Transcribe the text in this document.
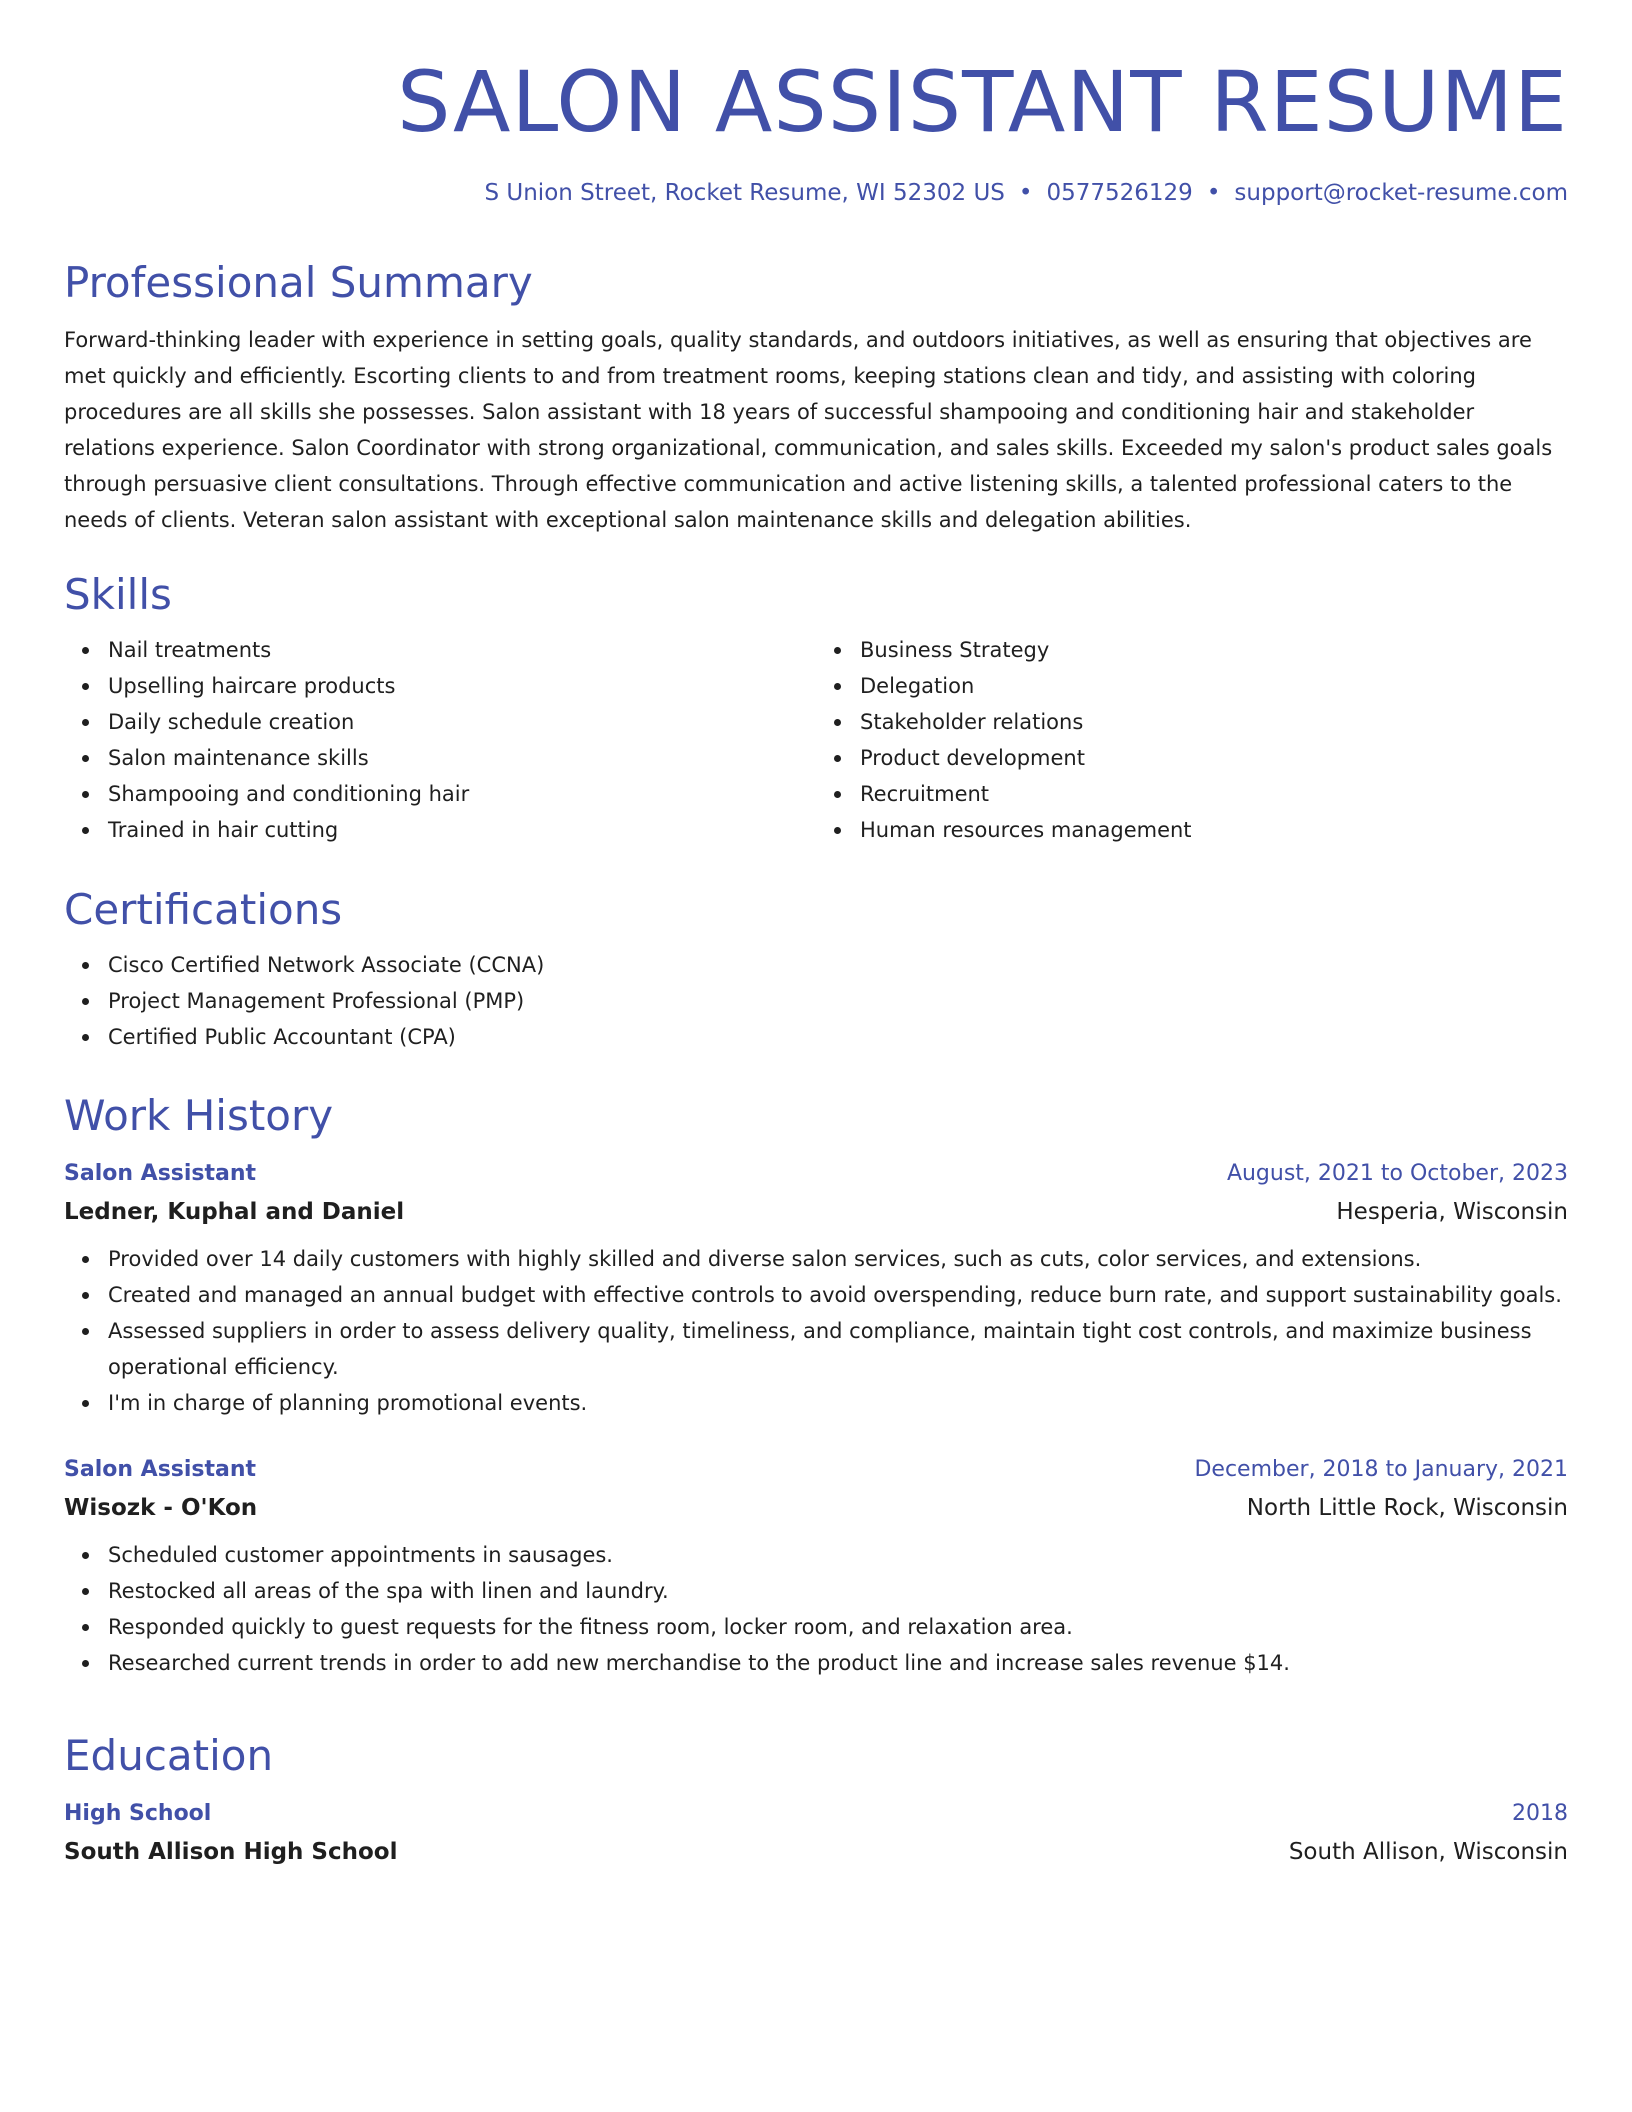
SALON ASSISTANT RESUME
S Union Street, Rocket Resume, WI 52302 US • 0577526129 • support@rocket-resume.com
Professional Summary
Forward-thinking leader with experience in setting goals, quality standards, and outdoors initiatives, as well as ensuring that objectives are met quickly and efficiently. Escorting clients to and from treatment rooms, keeping stations clean and tidy, and assisting with coloring procedures are all skills she possesses. Salon assistant with 18 years of successful shampooing and conditioning hair and stakeholder relations experience. Salon Coordinator with strong organizational, communication, and sales skills. Exceeded my salon's product sales goals through persuasive client consultations. Through effective communication and active listening skills, a talented professional caters to the needs of clients. Veteran salon assistant with exceptional salon maintenance skills and delegation abilities.
Skills
Nail treatments
Upselling haircare products
Daily schedule creation
Salon maintenance skills
Shampooing and conditioning hair
Trained in hair cutting
Business Strategy
Delegation
Stakeholder relations
Product development
Recruitment
Human resources management
Certifications
Cisco Certified Network Associate (CCNA)
Project Management Professional (PMP)
Certified Public Accountant (CPA)
Work History
Salon Assistant	August, 2021 to October, 2023
Ledner, Kuphal and Daniel	Hesperia, Wisconsin
Provided over 14 daily customers with highly skilled and diverse salon services, such as cuts, color services, and extensions.
Created and managed an annual budget with effective controls to avoid overspending, reduce burn rate, and support sustainability goals.
Assessed suppliers in order to assess delivery quality, timeliness, and compliance, maintain tight cost controls, and maximize business operational efficiency.
I'm in charge of planning promotional events.
Salon Assistant	December, 2018 to January, 2021
Wisozk - O'Kon	North Little Rock, Wisconsin
Scheduled customer appointments in sausages.
Restocked all areas of the spa with linen and laundry.
Responded quickly to guest requests for the fitness room, locker room, and relaxation area.
Researched current trends in order to add new merchandise to the product line and increase sales revenue $14.
Education
High School	2018
South Allison High School	South Allison, Wisconsin
